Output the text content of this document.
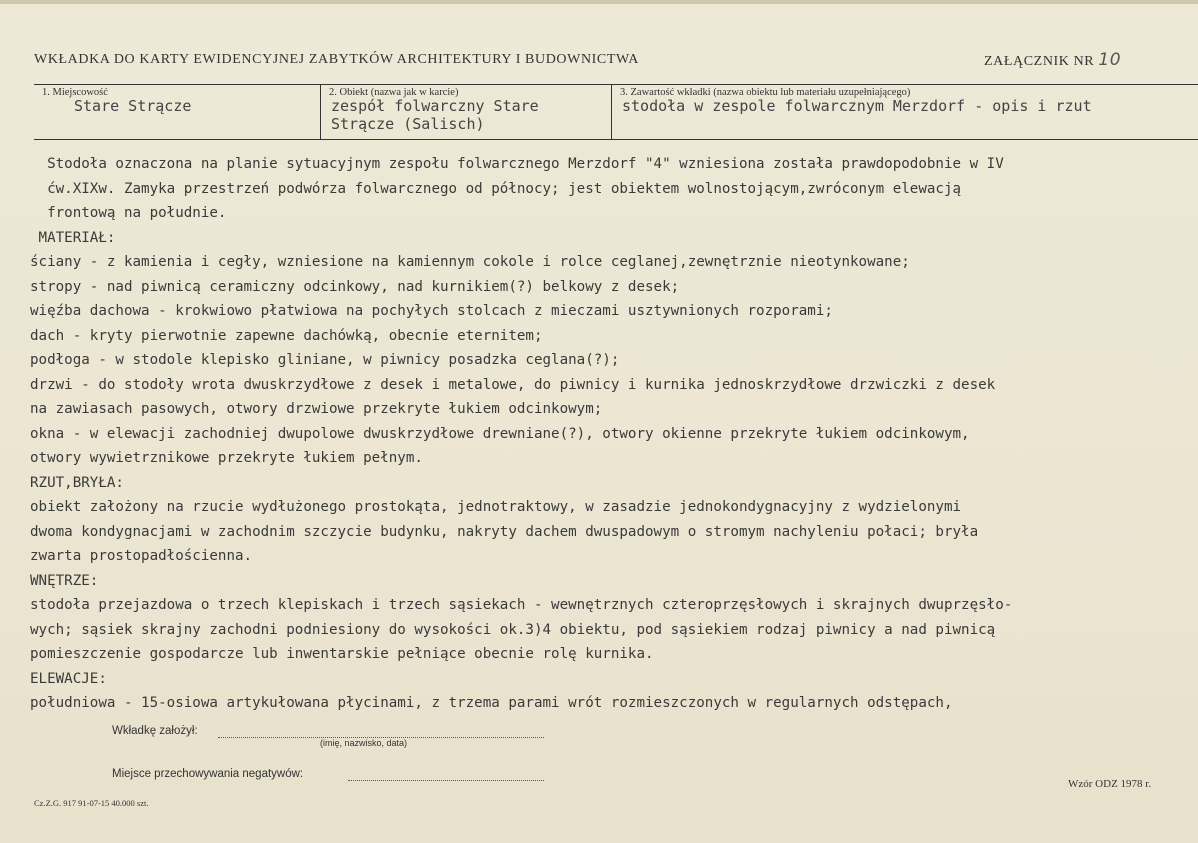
WKŁADKA DO KARTY EWIDENCYJNEJ ZABYTKÓW ARCHITEKTURY I BUDOWNICTWA	ZAŁĄCZNIK NR 10
1. Miejscowość
Stare Strącze
2. Obiekt (nazwa jak w karcie)
zespół folwarczny Stare
Strącze (Salisch)
3. Zawartość wkładki (nazwa obiektu lub materiału uzupełniającego)
stodoła w zespole folwarcznym Merzdorf - opis i rzut
Stodoła oznaczona na planie sytuacyjnym zespołu folwarcznego Merzdorf "4" wzniesiona została prawdopodobnie w IV
ćw.XIXw. Zamyka przestrzeń podwórza folwarcznego od północy; jest obiektem wolnostojącym,zwróconym elewacją
frontową na południe.
MATERIAŁ:
ściany - z kamienia i cegły, wzniesione na kamiennym cokole i rolce ceglanej,zewnętrznie nieotynkowane;
stropy - nad piwnicą ceramiczny odcinkowy, nad kurnikiem(?) belkowy z desek;
więźba dachowa - krokwiowo płatwiowa na pochyłych stolcach z mieczami usztywnionych rozporami;
dach - kryty pierwotnie zapewne dachówką, obecnie eternitem;
podłoga - w stodole klepisko gliniane, w piwnicy posadzka ceglana(?);
drzwi - do stodoły wrota dwuskrzydłowe z desek i metalowe, do piwnicy i kurnika jednoskrzydłowe drzwiczki z desek
na zawiasach pasowych, otwory drzwiowe przekryte łukiem odcinkowym;
okna - w elewacji zachodniej dwupolowe dwuskrzydłowe drewniane(?), otwory okienne przekryte łukiem odcinkowym,
otwory wywietrznikowe przekryte łukiem pełnym.
RZUT,BRYŁA:
obiekt założony na rzucie wydłużonego prostokąta, jednotraktowy, w zasadzie jednokondygnacyjny z wydzielonymi
dwoma kondygnacjami w zachodnim szczycie budynku, nakryty dachem dwuspadowym o stromym nachyleniu połaci; bryła
zwarta prostopadłościenna.
WNĘTRZE:
stodoła przejazdowa o trzech klepiskach i trzech sąsiekach - wewnętrznych czteroprzęsłowych i skrajnych dwuprzęsło-
wych; sąsiek skrajny zachodni podniesiony do wysokości ok.3)4 obiektu, pod sąsiekiem rodzaj piwnicy a nad piwnicą
pomieszczenie gospodarcze lub inwentarskie pełniące obecnie rolę kurnika.
ELEWACJE:
południowa - 15-osiowa artykułowana płycinami, z trzema parami wrót rozmieszczonych w regularnych odstępach,
Wkładkę założył:
(imię, nazwisko, data)
Miejsce przechowywania negatywów:
Wzór ODZ 1978 r.
Cz.Z.G. 917 91-07-15 40.000 szt.
